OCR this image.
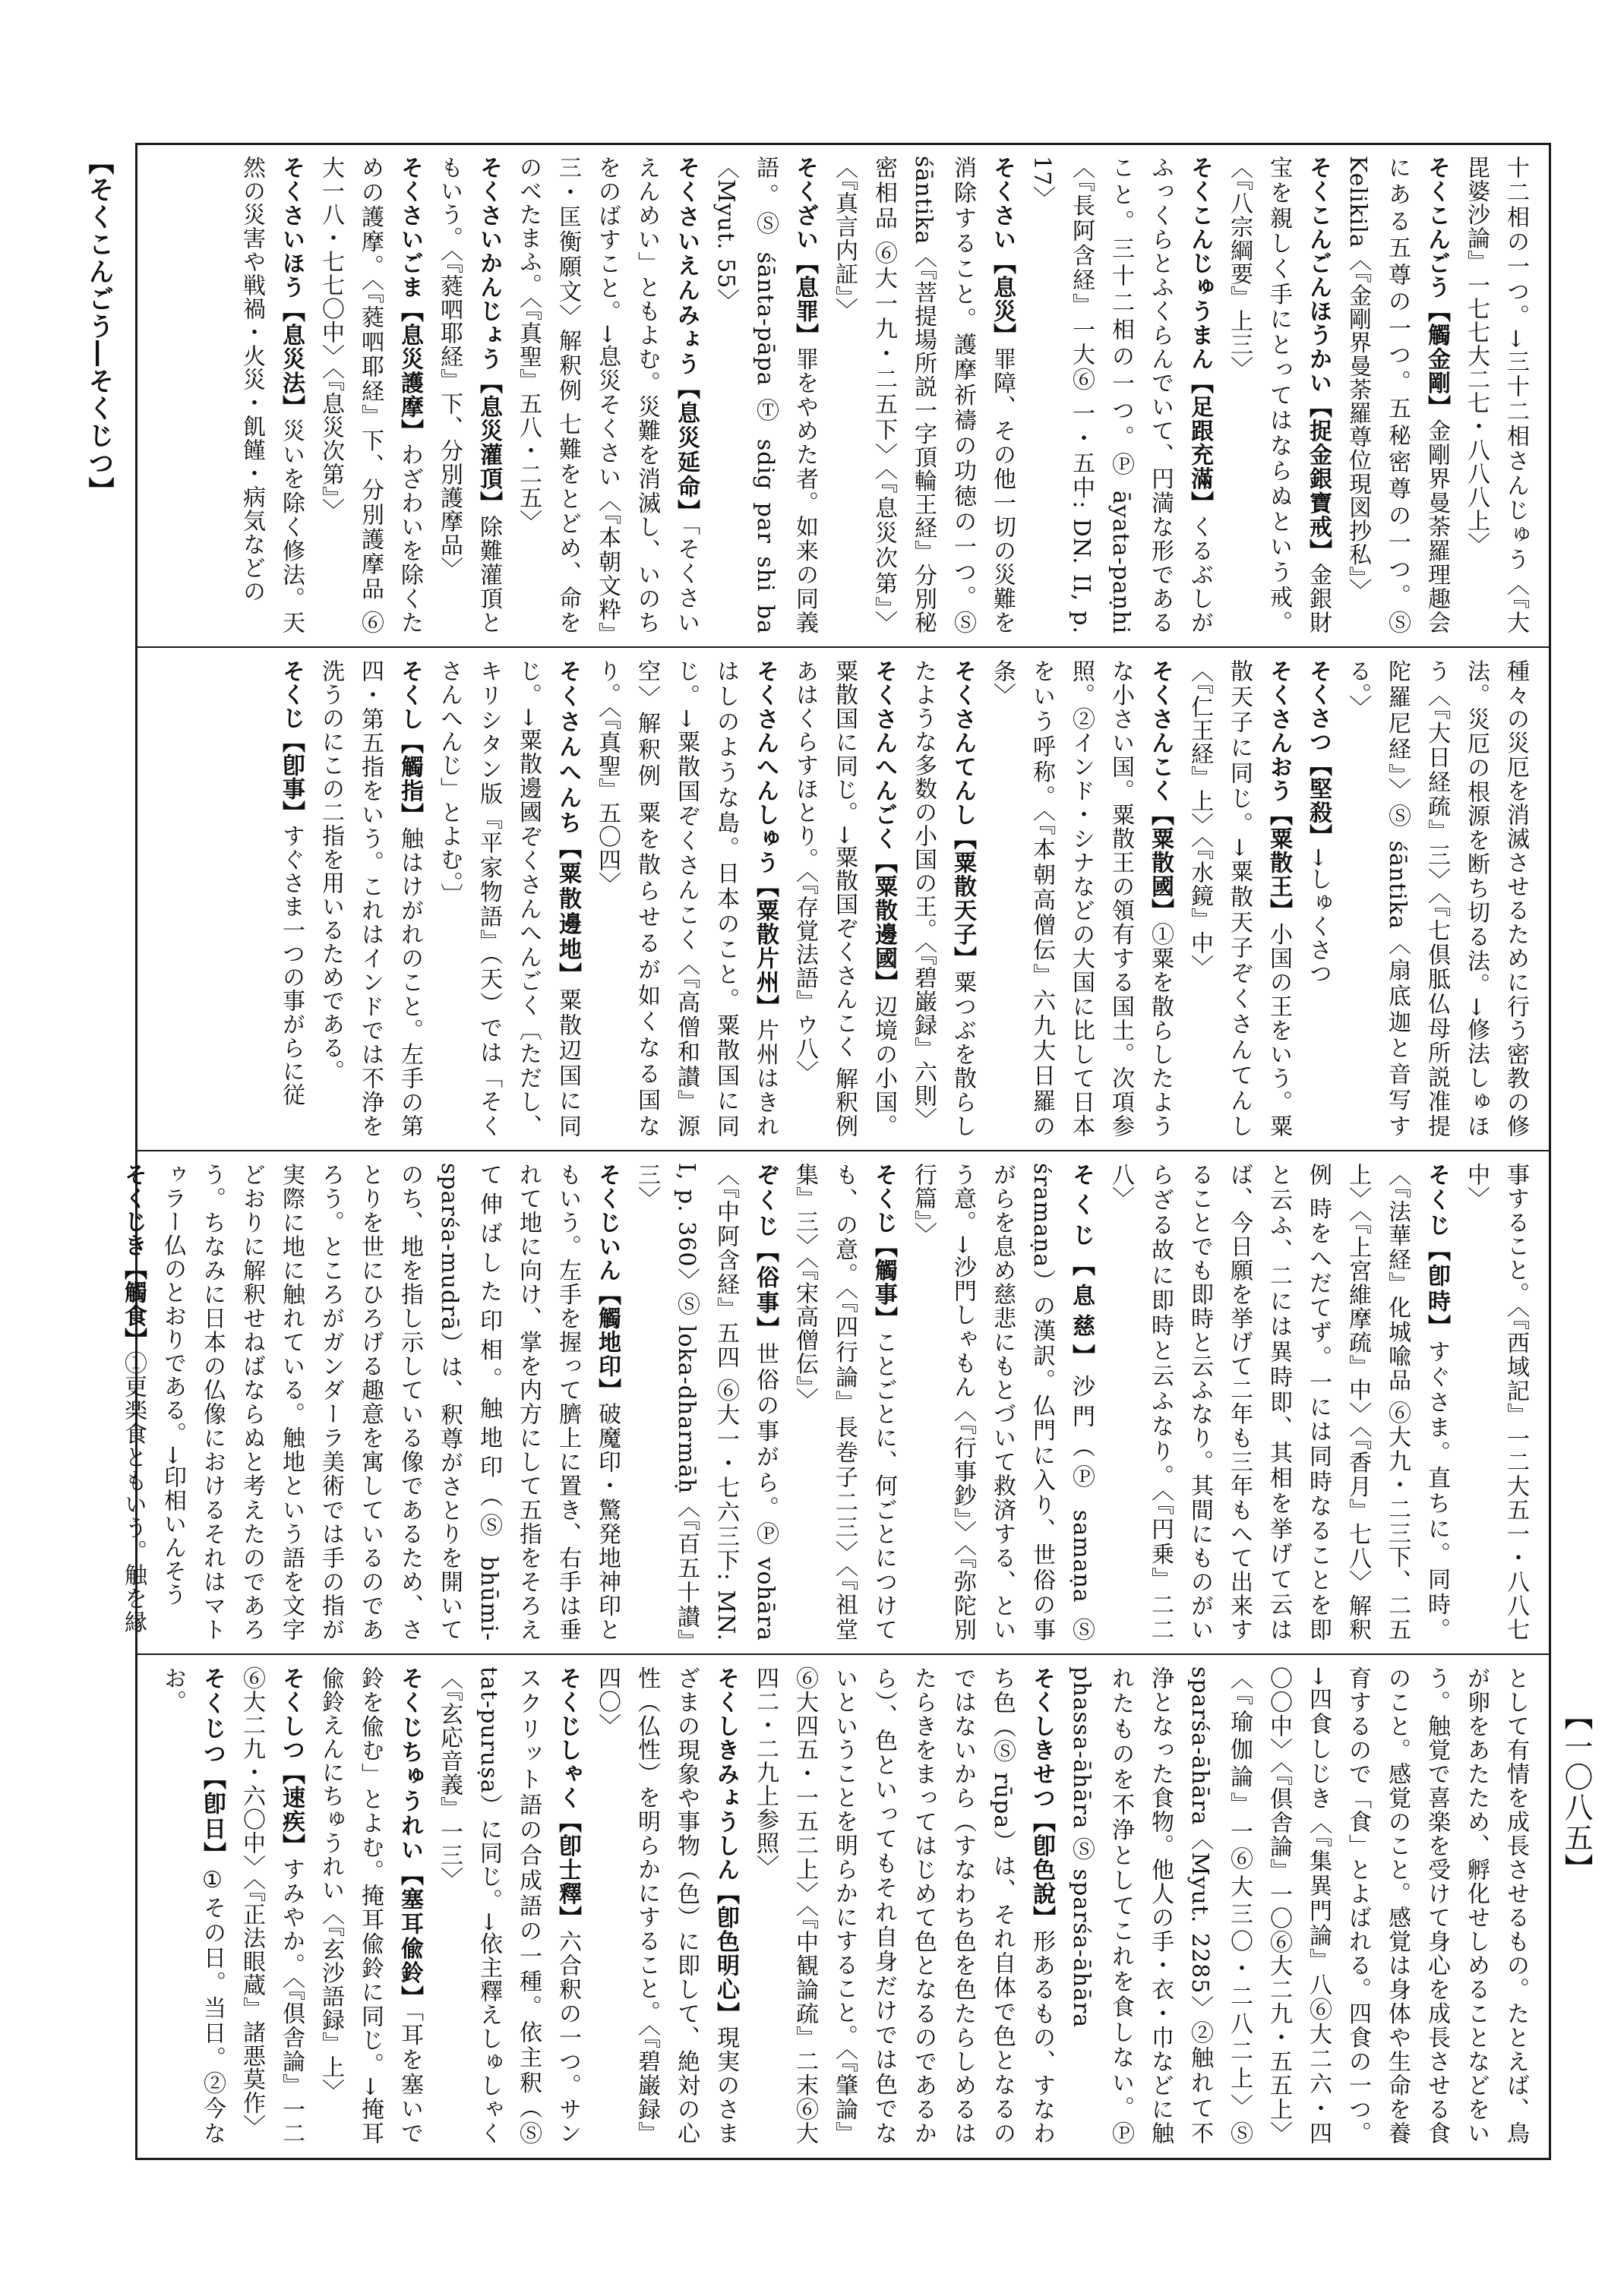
【そくこんごう―そくじつ】
【一〇八五】
十二相の一つ。→三十二相さんじゅう〈『大毘婆沙論』一七七大二七・八八八上〉
そくこんごう【觸金剛】金剛界曼荼羅理趣会にある五尊の一つ。五秘密尊の一つ。Ⓢ Kelikila〈『金剛界曼荼羅尊位現図抄私』〉
そくこんごんほうかい【捉金銀寶戒】金銀財宝を親しく手にとってはならぬという戒。〈『八宗綱要』上三〉
そくこんじゅうまん【足跟充滿】くるぶしがふっくらとふくらんでいて、円満な形であること。三十二相の一つ。Ⓟ āyata-paṇhi〈『長阿含経』一大⑥ 一・五中: DN. II, p. 17〉
そくさい【息災】罪障、その他一切の災難を消除すること。護摩祈禱の功徳の一つ。Ⓢ śāntika〈『菩提場所説一字頂輪王経』分別秘密相品 ⑥大一九・二五下〉〈『息災次第』〉〈『真言内証』〉
そくざい【息罪】罪をやめた者。如来の同義語。Ⓢ śānta-pāpa Ⓣ sdig par shi ba〈Myut. 55〉
そくさいえんみょう【息災延命】「そくさいえんめい」ともよむ。災難を消滅し、いのちをのばすこと。→息災そくさい〈『本朝文粋』三・匡衡願文〉解釈例 七難をとどめ、命をのべたまふ。〈『真聖』五八・二五〉
そくさいかんじょう【息災灌頂】除難灌頂ともいう。〈『蕤呬耶経』下、分別護摩品〉
そくさいごま【息災護摩】わざわいを除くための護摩。〈『蕤呬耶経』下、分別護摩品 ⑥大一八・七七〇中〉〈『息災次第』〉
そくさいほう【息災法】災いを除く修法。天然の災害や戦禍・火災・飢饉・病気などの
種々の災厄を消滅させるために行う密教の修法。災厄の根源を断ち切る法。→修法しゅほう〈『大日経疏』三〉〈『七倶胝仏母所説准提陀羅尼経』〉Ⓢ śāntika〈扇底迦と音写する。〉
そくさつ【堅殺】→しゅくさつ
そくさんおう【粟散王】小国の王をいう。粟散天子に同じ。→粟散天子ぞくさんてんし〈『仁王経』上〉〈『水鏡』中〉
そくさんこく【粟散國】①粟を散らしたような小さい国。粟散王の領有する国土。次項参照。②インド・シナなどの大国に比して日本をいう呼称。〈『本朝高僧伝』六九大日羅の条〉
そくさんてんし【粟散天子】粟つぶを散らしたような多数の小国の王。〈『碧巌録』六則〉
そくさんへんごく【粟散邊國】辺境の小国。粟散国に同じ。→粟散国ぞくさんこく 解釈例 あはくらすほとり。〈『存覚法語』ウ八〉
そくさんへんしゅう【粟散片州】片州はきれはしのような島。日本のこと。粟散国に同じ。→粟散国ぞくさんこく〈『高僧和讃』源空〉解釈例 粟を散らせるが如くなる国なり。〈『真聖』五〇四〉
そくさんへんち【粟散邊地】粟散辺国に同じ。→粟散邊國ぞくさんへんごく〔ただし、キリシタン版『平家物語』（天）では「そくさんへんじ」とよむ。〕
そくし【觸指】触はけがれのこと。左手の第四・第五指をいう。これはインドでは不浄を洗うのにこの二指を用いるためである。
そくじ【卽事】すぐさま一つの事がらに従
事すること。〈『西域記』一二大五一・八八七中〉
そくじ【卽時】すぐさま。直ちに。同時。〈『法華経』化城喩品 ⑥大九・二三下、二五上〉〈『上宮維摩疏』中〉〈『香月』七八〉解釈例 時をへだてず。一には同時なることを即と云ふ、二には異時即、其相を挙げて云はば、今日願を挙げて二年も三年もへて出来することでも即時と云ふなり。其間にものがいらざる故に即時と云ふなり。〈『円乗』二二八〉
そくじ【息慈】沙門（Ⓟ samaṇa Ⓢ śramaṇa）の漢訳。仏門に入り、世俗の事がらを息め慈悲にもとづいて救済する、という意。→沙門しゃもん〈『行事鈔』〉〈『弥陀別行篇』〉
そくじ【觸事】ことごとに、何ごとにつけても、の意。〈『四行論』長巻子二三〉〈『祖堂集』三〉〈『宋高僧伝』〉
ぞくじ【俗事】世俗の事がら。Ⓟ vohāra〈『中阿含経』五四 ⑥大一・七六三下: MN. I, p. 360〉Ⓢ loka-dharmāḥ〈『百五十讃』三〉
そくじいん【觸地印】破魔印・驚発地神印ともいう。左手を握って臍上に置き、右手は垂れて地に向け、掌を内方にして五指をそろえて伸ばした印相。触地印（Ⓢ bhūmi-sparśa-mudrā）は、釈尊がさとりを開いてのち、地を指し示している像であるため、さとりを世にひろげる趣意を寓しているのであろう。ところがガンダーラ美術では手の指が実際に地に触れている。触地という語を文字どおりに解釈せねばならぬと考えたのであろう。ちなみに日本の仏像におけるそれはマトゥラー仏のとおりである。→印相いんそう
そくじき【觸食】①更楽食ともいう。触を縁
として有情を成長させるもの。たとえば、鳥が卵をあたため、孵化せしめることなどをいう。触覚で喜楽を受けて身心を成長させる食のこと。感覚のこと。感覚は身体や生命を養育するので「食」とよばれる。四食の一つ。→四食しじき〈『集異門論』八⑥大二六・四〇〇中〉〈『倶舎論』一〇⑥大二九・五五上〉〈『瑜伽論』一⑥大三〇・二八二上〉Ⓢ sparśa-āhāra〈Myut. 2285〉②触れて不浄となった食物。他人の手・衣・巾などに触れたものを不浄としてこれを食しない。Ⓟ phassa-āhāra Ⓢ sparśa-āhāra
そくしきせつ【卽色說】形あるもの、すなわち色（Ⓢ rūpa）は、それ自体で色となるのではないから（すなわち色を色たらしめるはたらきをまってはじめて色となるのであるから）、色といってもそれ自身だけでは色でないということを明らかにすること。〈『肇論』⑥大四五・一五二上〉〈『中観論疏』二末⑥大四二・二九上参照〉
そくしきみょうしん【卽色明心】現実のさまざまの現象や事物（色）に即して、絶対の心性（仏性）を明らかにすること。〈『碧巌録』四〇〉
そくじしゃく【卽士釋】六合釈の一つ。サンスクリット語の合成語の一種。依主釈（Ⓢ tat-puruṣa）に同じ。→依主釋えしゅしゃく〈『玄応音義』一三〉
そくじちゅうれい【塞耳偸鈴】「耳を塞いで鈴を偸む」とよむ。掩耳偸鈴に同じ。→掩耳偸鈴えんにちゅうれい〈『玄沙語録』上〉
そくしつ【速疾】すみやか。〈『倶舎論』一二⑥大二九・六〇中〉〈『正法眼蔵』諸悪莫作〉
そくじつ【卽日】①その日。当日。②今なお。
